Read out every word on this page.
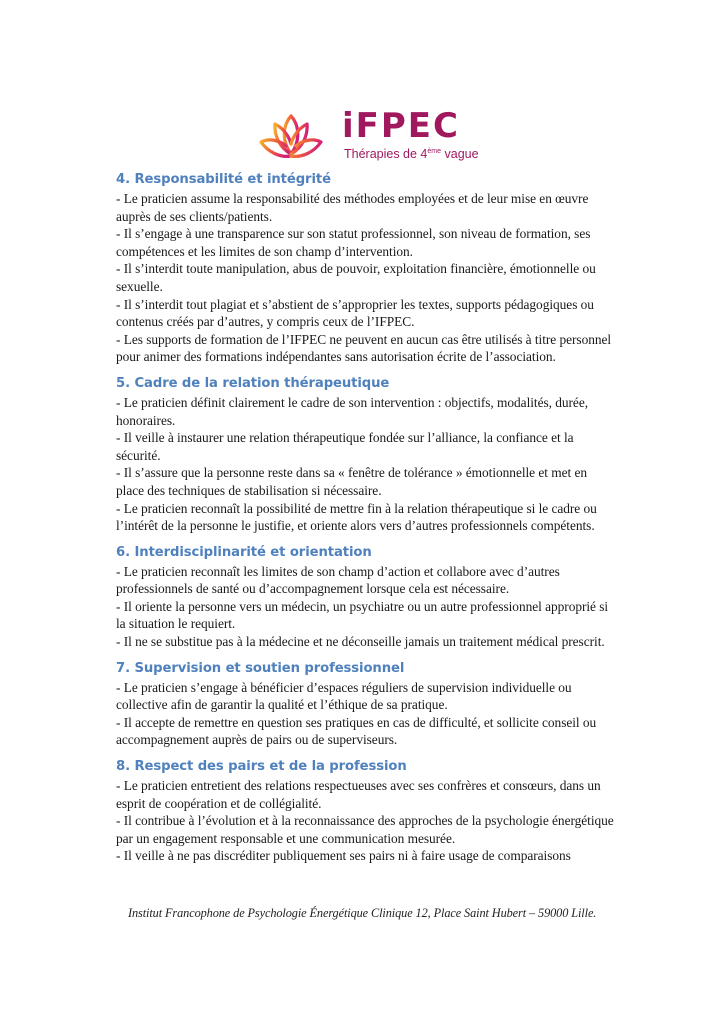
iFPEC
Thérapies de 4ème vague
4. Responsabilité et intégrité

- Le praticien assume la responsabilité des méthodes employées et de leur mise en œuvre auprès de ses clients/patients.

- Il s’engage à une transparence sur son statut professionnel, son niveau de formation, ses compétences et les limites de son champ d’intervention.

- Il s’interdit toute manipulation, abus de pouvoir, exploitation financière, émotionnelle ou sexuelle.

- Il s’interdit tout plagiat et s’abstient de s’approprier les textes, supports pédagogiques ou contenus créés par d’autres, y compris ceux de l’IFPEC.

- Les supports de formation de l’IFPEC ne peuvent en aucun cas être utilisés à titre personnel pour animer des formations indépendantes sans autorisation écrite de l’association.

5. Cadre de la relation thérapeutique

- Le praticien définit clairement le cadre de son intervention : objectifs, modalités, durée, honoraires.

- Il veille à instaurer une relation thérapeutique fondée sur l’alliance, la confiance et la sécurité.

- Il s’assure que la personne reste dans sa « fenêtre de tolérance » émotionnelle et met en place des techniques de stabilisation si nécessaire.

- Le praticien reconnaît la possibilité de mettre fin à la relation thérapeutique si le cadre ou l’intérêt de la personne le justifie, et oriente alors vers d’autres professionnels compétents.

6. Interdisciplinarité et orientation

- Le praticien reconnaît les limites de son champ d’action et collabore avec d’autres professionnels de santé ou d’accompagnement lorsque cela est nécessaire.

- Il oriente la personne vers un médecin, un psychiatre ou un autre professionnel approprié si la situation le requiert.

- Il ne se substitue pas à la médecine et ne déconseille jamais un traitement médical prescrit.

7. Supervision et soutien professionnel

- Le praticien s’engage à bénéficier d’espaces réguliers de supervision individuelle ou collective afin de garantir la qualité et l’éthique de sa pratique.

- Il accepte de remettre en question ses pratiques en cas de difficulté, et sollicite conseil ou accompagnement auprès de pairs ou de superviseurs.

8. Respect des pairs et de la profession

- Le praticien entretient des relations respectueuses avec ses confrères et consœurs, dans un esprit de coopération et de collégialité.

- Il contribue à l’évolution et à la reconnaissance des approches de la psychologie énergétique par un engagement responsable et une communication mesurée.

- Il veille à ne pas discréditer publiquement ses pairs ni à faire usage de comparaisons

Institut Francophone de Psychologie Énergétique Clinique 12, Place Saint Hubert – 59000 Lille.
